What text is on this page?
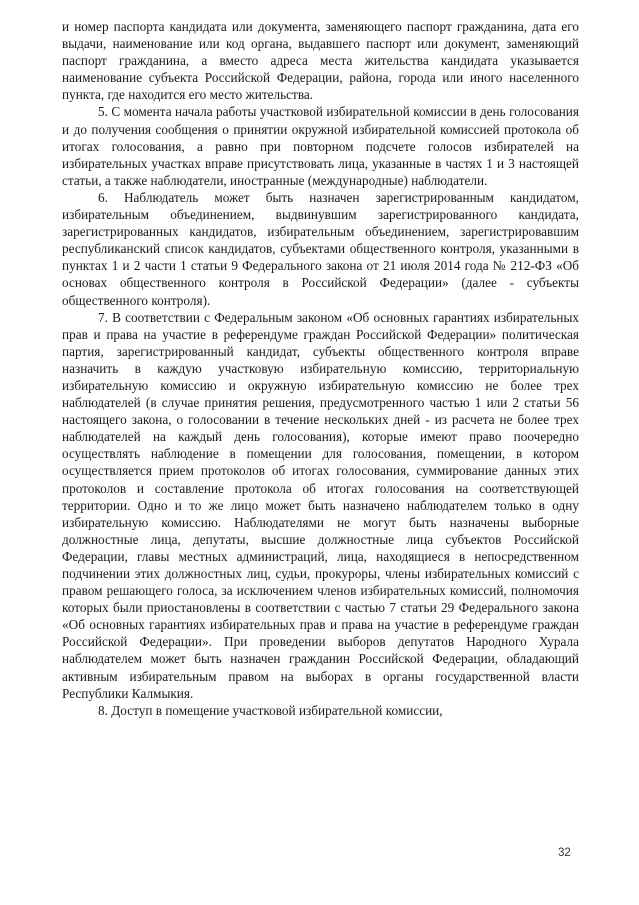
и номер паспорта кандидата или документа, заменяющего паспорт гражданина, дата его выдачи, наименование или код органа, выдавшего паспорт или документ, заменяющий паспорт гражданина, а вместо адреса места жительства кандидата указывается наименование субъекта Российской Федерации, района, города или иного населенного пункта, где находится его место жительства.

5. С момента начала работы участковой избирательной комиссии в день голосования и до получения сообщения о принятии окружной избирательной комиссией протокола об итогах голосования, а равно при повторном подсчете голосов избирателей на избирательных участках вправе присутствовать лица, указанные в частях 1 и 3 настоящей статьи, а также наблюдатели, иностранные (международные) наблюдатели.

6. Наблюдатель может быть назначен зарегистрированным кандидатом, избирательным объединением, выдвинувшим зарегистрированного кандидата, зарегистрированных кандидатов, избирательным объединением, зарегистрировавшим республиканский список кандидатов, субъектами общественного контроля, указанными в пунктах 1 и 2 части 1 статьи 9 Федерального закона от 21 июля 2014 года № 212-ФЗ «Об основах общественного контроля в Российской Федерации» (далее - субъекты общественного контроля).

7. В соответствии с Федеральным законом «Об основных гарантиях избирательных прав и права на участие в референдуме граждан Российской Федерации» политическая партия, зарегистрированный кандидат, субъекты общественного контроля вправе назначить в каждую участковую избирательную комиссию, территориальную избирательную комиссию и окружную избирательную комиссию не более трех наблюдателей (в случае принятия решения, предусмотренного частью 1 или 2 статьи 56 настоящего закона, о голосовании в течение нескольких дней - из расчета не более трех наблюдателей на каждый день голосования), которые имеют право поочередно осуществлять наблюдение в помещении для голосования, помещении, в котором осуществляется прием протоколов об итогах голосования, суммирование данных этих протоколов и составление протокола об итогах голосования на соответствующей территории. Одно и то же лицо может быть назначено наблюдателем только в одну избирательную комиссию. Наблюдателями не могут быть назначены выборные должностные лица, депутаты, высшие должностные лица субъектов Российской Федерации, главы местных администраций, лица, находящиеся в непосредственном подчинении этих должностных лиц, судьи, прокуроры, члены избирательных комиссий с правом решающего голоса, за исключением членов избирательных комиссий, полномочия которых были приостановлены в соответствии с частью 7 статьи 29 Федерального закона «Об основных гарантиях избирательных прав и права на участие в референдуме граждан Российской Федерации». При проведении выборов депутатов Народного Хурала наблюдателем может быть назначен гражданин Российской Федерации, обладающий активным избирательным правом на выборах в органы государственной власти Республики Калмыкия.

8. Доступ в помещение участковой избирательной комиссии,

32
